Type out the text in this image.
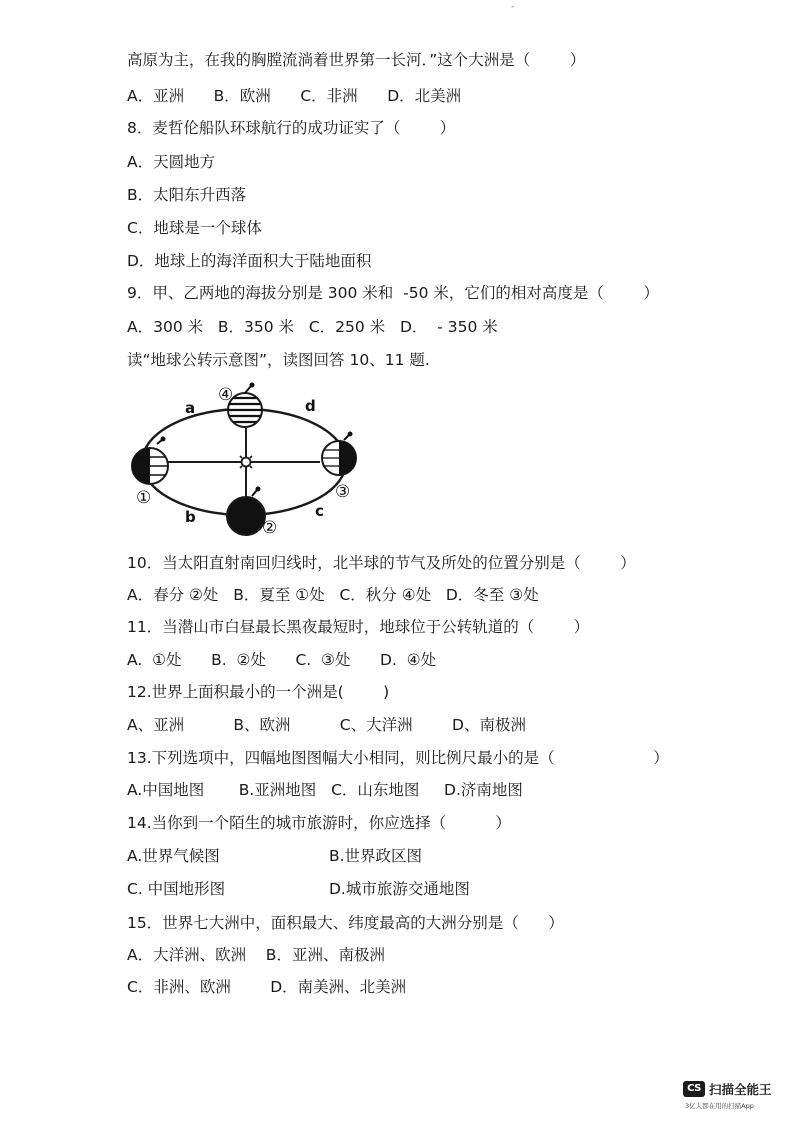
-
高原为主，在我的胸膛流淌着世界第一长河．”这个大洲是（        ）
A．亚洲      B．欧洲      C．非洲      D．北美洲
8．麦哲伦船队环球航行的成功证实了（        ）
A．天圆地方
B．太阳东升西落
C．地球是一个球体
D．地球上的海洋面积大于陆地面积
9．甲、乙两地的海拔分别是 300 米和  -50 米，它们的相对高度是（        ）
A．300 米   B．350 米   C．250 米   D．  - 350 米
读“地球公转示意图”，读图回答 10、11 题.
④
①
②
③
a	d
b	c
10．当太阳直射南回归线时，北半球的节气及所处的位置分别是（        ）
A．春分 ②处   B．夏至 ①处   C．秋分 ④处   D．冬至 ③处
11．当潜山市白昼最长黑夜最短时，地球位于公转轨道的（        ）
A.  ①处      B.  ②处      C.  ③处      D.  ④处
12.世界上面积最小的一个洲是(        )
A、亚洲          B、欧洲          C、大洋洲        D、南极洲
13.下列选项中，四幅地图图幅大小相同，则比例尺最小的是（                    ）
A.中国地图       B.亚洲地图   C．山东地图     D.济南地图
14.当你到一个陌生的城市旅游时，你应选择（          ）
A.世界气候图	B.世界政区图
C. 中国地形图	D.城市旅游交通地图
15．世界七大洲中，面积最大、纬度最高的大洲分别是（      ）
A．大洋洲、欧洲    B．亚洲、南极洲
C．非洲、欧洲        D．南美洲、北美洲
CS 扫描全能王
3亿人都在用的扫描App
